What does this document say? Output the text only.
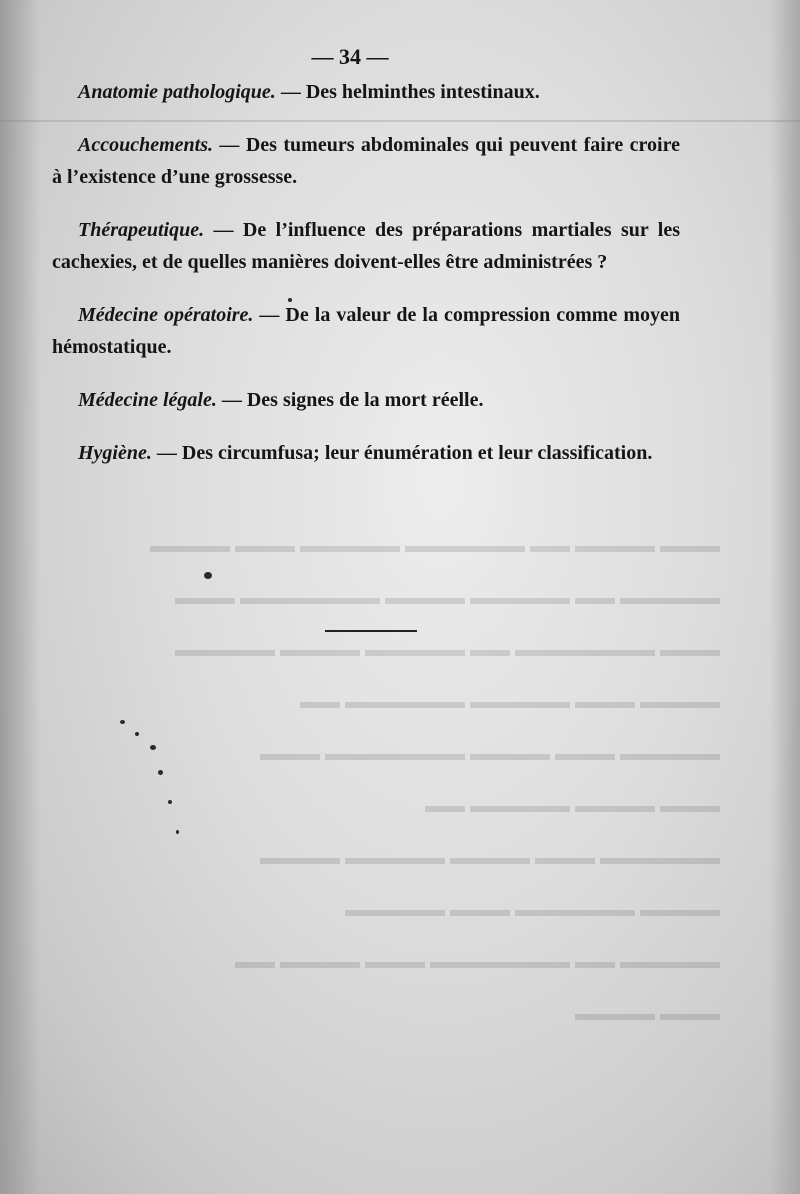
▬▬▬ ▬▬▬▬ ▬▬ ▬▬▬▬▬▬ ▬▬▬▬▬ ▬▬▬ ▬▬▬▬
▬▬▬▬▬ ▬▬ ▬▬▬▬▬ ▬▬▬▬ ▬▬▬▬▬▬▬ ▬▬▬
▬▬▬ ▬▬▬▬▬▬▬ ▬▬ ▬▬▬▬▬ ▬▬▬▬ ▬▬▬▬▬
▬▬▬▬ ▬▬▬ ▬▬▬▬▬ ▬▬▬▬▬▬ ▬▬
▬▬▬▬▬ ▬▬▬ ▬▬▬▬ ▬▬▬▬▬▬▬ ▬▬▬
▬▬▬ ▬▬▬▬ ▬▬▬▬▬ ▬▬
▬▬▬▬▬▬ ▬▬▬ ▬▬▬▬ ▬▬▬▬▬ ▬▬▬▬
▬▬▬▬ ▬▬▬▬▬▬ ▬▬▬ ▬▬▬▬▬
▬▬▬▬▬ ▬▬ ▬▬▬▬▬▬▬ ▬▬▬ ▬▬▬▬ ▬▬
▬▬▬ ▬▬▬▬
— 34 —

Anatomie pathologique. — Des helminthes intestinaux.

Accouchements. — Des tumeurs abdominales qui peuvent faire croire à l’existence d’une grossesse.

Thérapeutique. — De l’influence des préparations martiales sur les cachexies, et de quelles manières doivent-elles être administrées ?

Médecine opératoire. — De la valeur de la compression comme moyen hémostatique.

Médecine légale. — Des signes de la mort réelle.

Hygiène. — Des circumfusa; leur énumération et leur classification.
